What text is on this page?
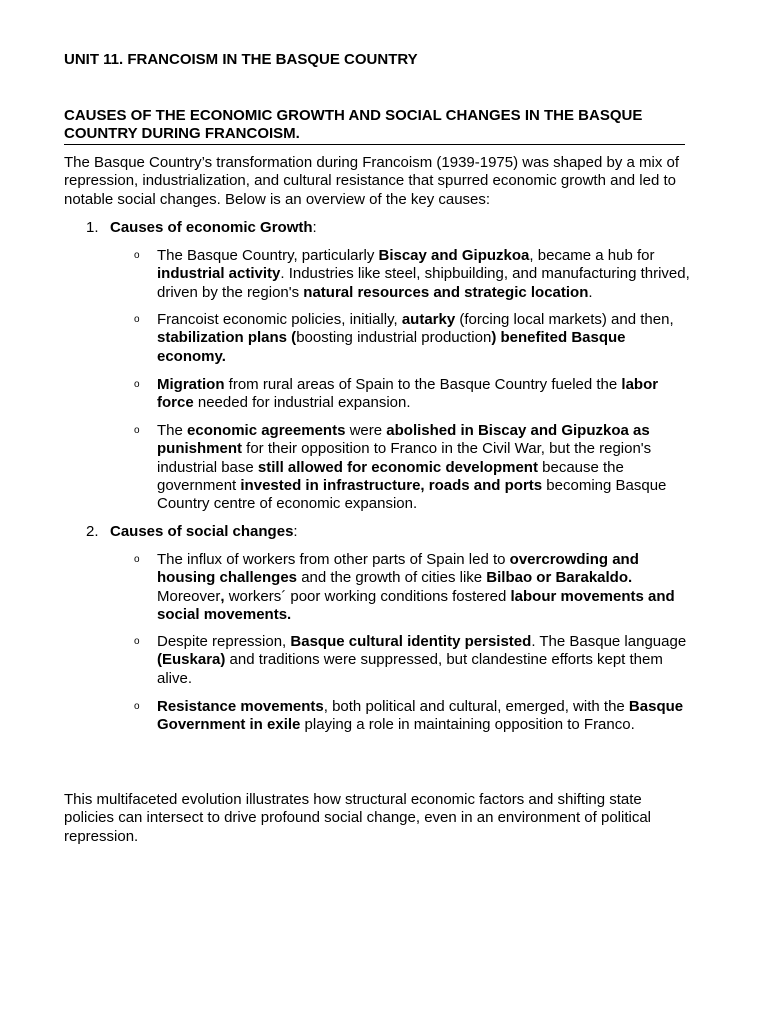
UNIT 11. FRANCOISM IN THE BASQUE COUNTRY
CAUSES OF THE ECONOMIC GROWTH AND SOCIAL CHANGES IN THE BASQUE COUNTRY DURING FRANCOISM.

The Basque Country’s transformation during Francoism (1939-1975) was shaped by a mix of repression, industrialization, and cultural resistance that spurred economic growth and led to notable social changes. Below is an overview of the key causes:

1. Causes of economic Growth:
o The Basque Country, particularly Biscay and Gipuzkoa, became a hub for industrial activity. Industries like steel, shipbuilding, and manufacturing thrived, driven by the region's natural resources and strategic location.
o Francoist economic policies, initially, autarky (forcing local markets) and then, stabilization plans (boosting industrial production) benefited Basque economy.
o Migration from rural areas of Spain to the Basque Country fueled the labor force needed for industrial expansion.
o The economic agreements were abolished in Biscay and Gipuzkoa as punishment for their opposition to Franco in the Civil War, but the region's industrial base still allowed for economic development because the government invested in infrastructure, roads and ports becoming Basque Country centre of economic expansion.
2. Causes of social changes:
o The influx of workers from other parts of Spain led to overcrowding and housing challenges and the growth of cities like Bilbao or Barakaldo. Moreover, workers´ poor working conditions fostered labour movements and social movements.
o Despite repression, Basque cultural identity persisted. The Basque language (Euskara) and traditions were suppressed, but clandestine efforts kept them alive.
o Resistance movements, both political and cultural, emerged, with the Basque Government in exile playing a role in maintaining opposition to Franco.

This multifaceted evolution illustrates how structural economic factors and shifting state policies can intersect to drive profound social change, even in an environment of political repression.
